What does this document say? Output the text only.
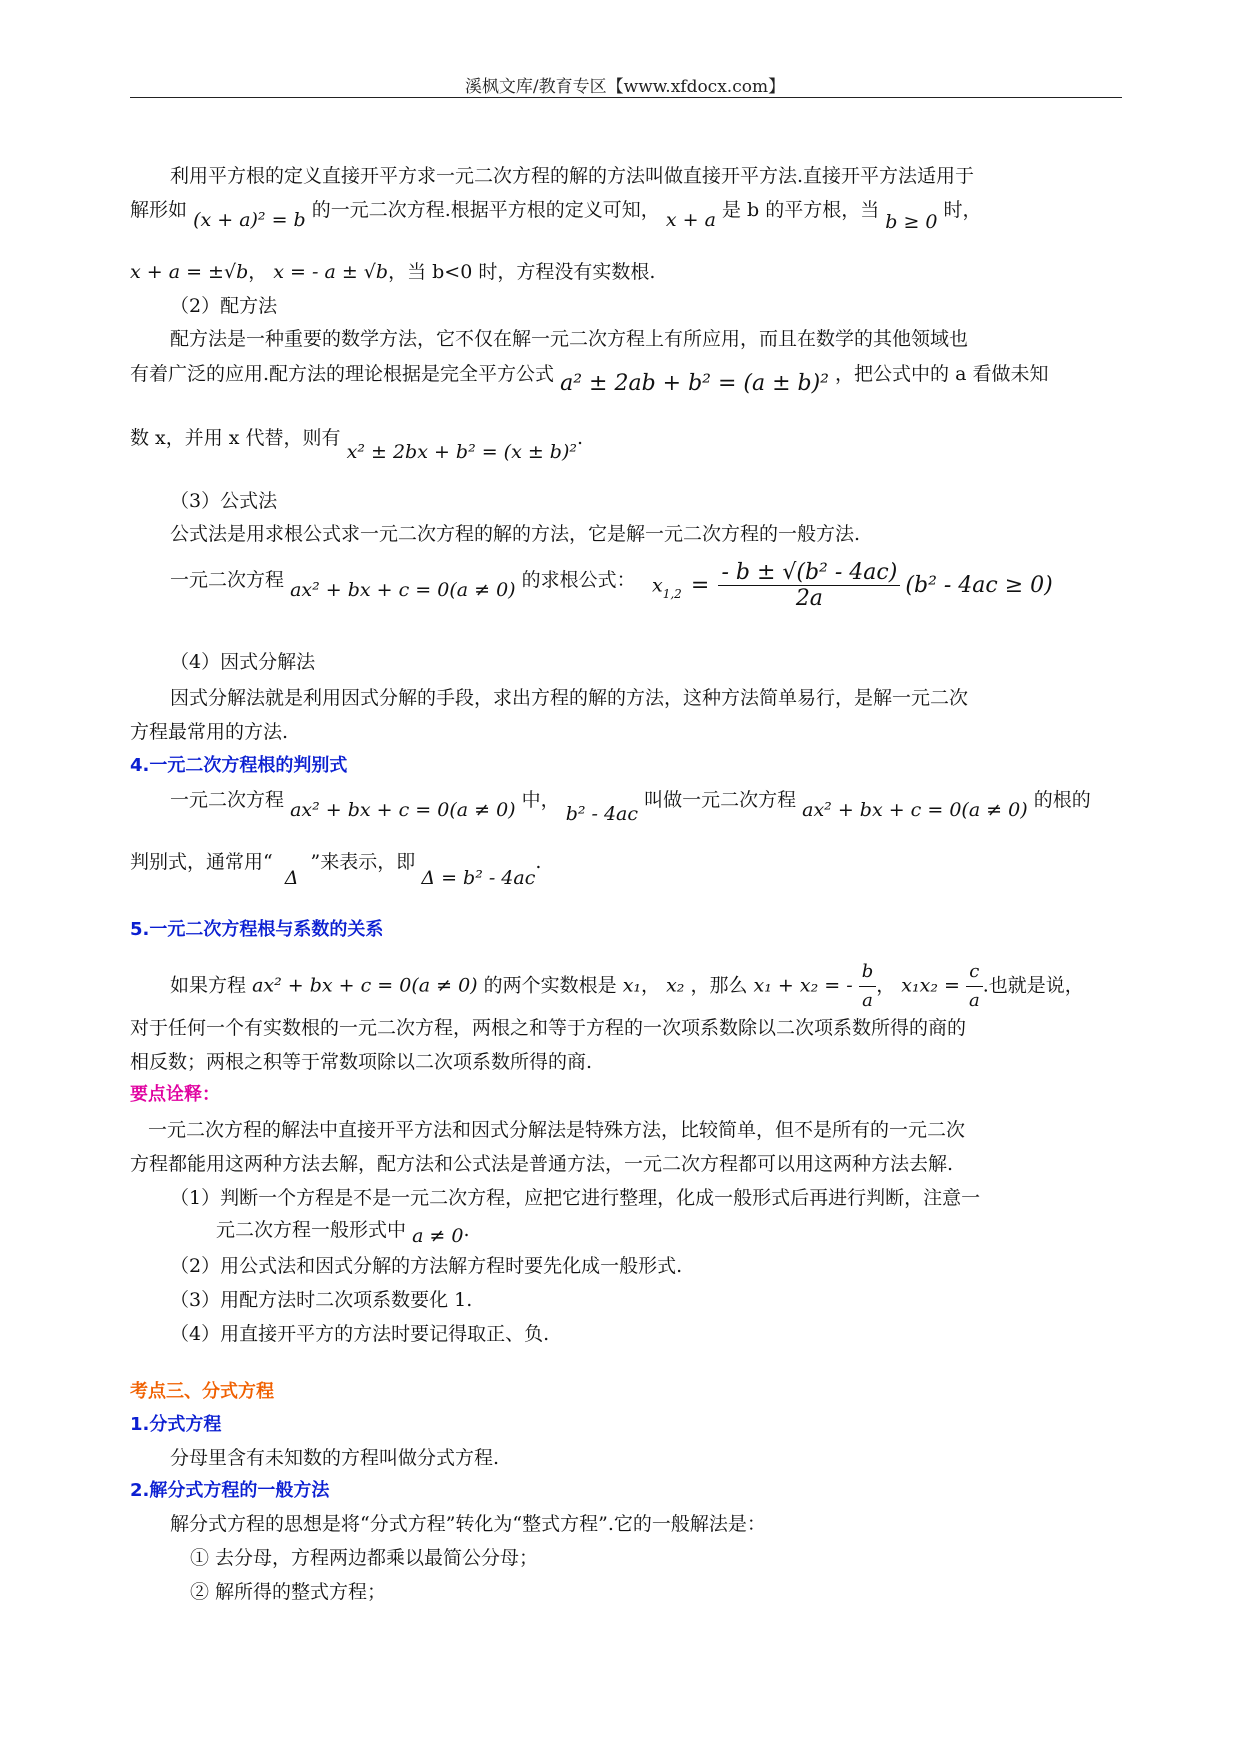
溪枫文库/教育专区【www.xfdocx.com】
利用平方根的定义直接开平方求一元二次方程的解的方法叫做直接开平方法.直接开平方法适用于
解形如 (x + a)² = b 的一元二次方程.根据平方根的定义可知， x + a 是 b 的平方根，当 b ≥ 0 时，
x + a = ±√b， x = - a ± √b，当 b<0 时，方程没有实数根.
（2）配方法
配方法是一种重要的数学方法，它不仅在解一元二次方程上有所应用，而且在数学的其他领域也
有着广泛的应用.配方法的理论根据是完全平方公式 a² ± 2ab + b² = (a ± b)² ，把公式中的 a 看做未知
数 x，并用 x 代替，则有 x² ± 2bx + b² = (x ± b)².
（3）公式法
公式法是用求根公式求一元二次方程的解的方法，它是解一元二次方程的一般方法.
一元二次方程 ax² + bx + c = 0(a ≠ 0) 的求根公式： $x_{1,2} = \frac{\text{- b ± √(b² - 4ac)}}{2a} (b^2 - 4ac \ge 0)$
（4）因式分解法
因式分解法就是利用因式分解的手段，求出方程的解的方法，这种方法简单易行，是解一元二次
方程最常用的方法.
4.一元二次方程根的判别式
一元二次方程 ax² + bx + c = 0(a ≠ 0) 中， b² - 4ac 叫做一元二次方程 ax² + bx + c = 0(a ≠ 0) 的根的
判别式，通常用“ Δ ”来表示，即 Δ = b² - 4ac.
5.一元二次方程根与系数的关系
如果方程 ax² + bx + c = 0(a ≠ 0) 的两个实数根是 x₁， x₂ ，那么 x₁ + x₂ = - $\frac{b}{a}$ ， $x_1x_2 = \frac{c}{a}$ .也就是说，
对于任何一个有实数根的一元二次方程，两根之和等于方程的一次项系数除以二次项系数所得的商的
相反数；两根之积等于常数项除以二次项系数所得的商.
要点诠释：
一元二次方程的解法中直接开平方法和因式分解法是特殊方法，比较简单，但不是所有的一元二次
方程都能用这两种方法去解，配方法和公式法是普通方法，一元二次方程都可以用这两种方法去解.
（1）判断一个方程是不是一元二次方程，应把它进行整理，化成一般形式后再进行判断，注意一
元二次方程一般形式中 a ≠ 0.
（2）用公式法和因式分解的方法解方程时要先化成一般形式.
（3）用配方法时二次项系数要化 1.
（4）用直接开平方的方法时要记得取正、负.
考点三、分式方程
1.分式方程
分母里含有未知数的方程叫做分式方程.
2.解分式方程的一般方法
解分式方程的思想是将“分式方程”转化为“整式方程”.它的一般解法是：
① 去分母，方程两边都乘以最简公分母；
② 解所得的整式方程；
